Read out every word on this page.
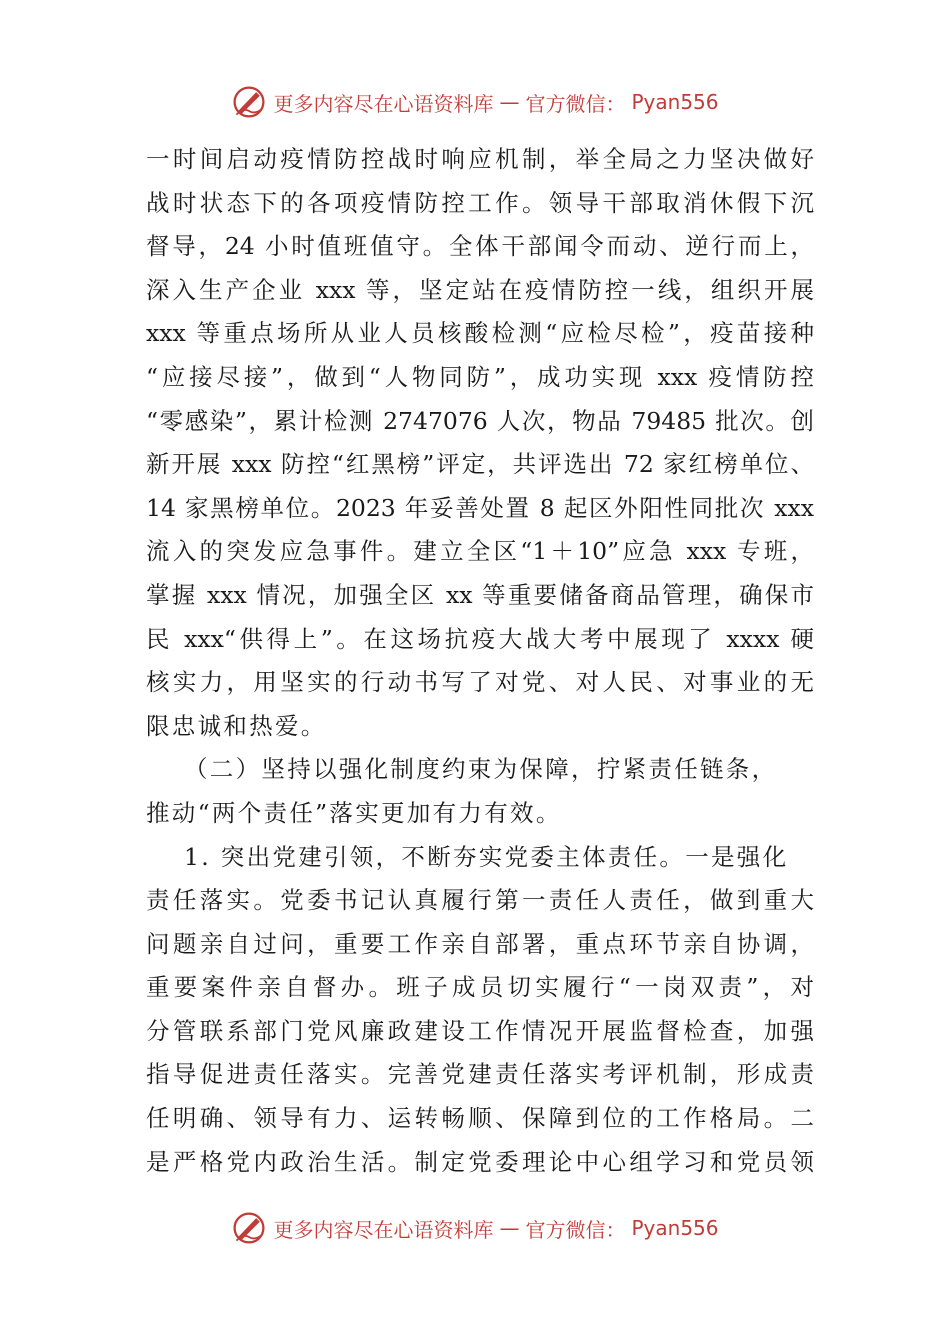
更多内容尽在心语资料库 — 官方微信： Pyan556
一时间启动疫情防控战时响应机制，举全局之力坚决做好
战时状态下的各项疫情防控工作。领导干部取消休假下沉
督导，24 小时值班值守。全体干部闻令而动、逆行而上，
深入生产企业 xxx 等，坚定站在疫情防控一线，组织开展
xxx 等重点场所从业人员核酸检测“应检尽检”，疫苗接种
“应接尽接”，做到“人物同防”，成功实现 xxx 疫情防控
“零感染”，累计检测 2747076 人次，物品 79485 批次。创
新开展 xxx 防控“红黑榜”评定，共评选出 72 家红榜单位、
14 家黑榜单位。2023 年妥善处置 8 起区外阳性同批次 xxx
流入的突发应急事件。建立全区“1＋10”应急 xxx 专班，
掌握 xxx 情况，加强全区 xx 等重要储备商品管理，确保市
民 xxx“供得上”。在这场抗疫大战大考中展现了 xxxx 硬
核实力，用坚实的行动书写了对党、对人民、对事业的无
限忠诚和热爱。
（二）坚持以强化制度约束为保障，拧紧责任链条，
推动“两个责任”落实更加有力有效。
1. 突出党建引领，不断夯实党委主体责任。一是强化
责任落实。党委书记认真履行第一责任人责任，做到重大
问题亲自过问，重要工作亲自部署，重点环节亲自协调，
重要案件亲自督办。班子成员切实履行“一岗双责”，对
分管联系部门党风廉政建设工作情况开展监督检查，加强
指导促进责任落实。完善党建责任落实考评机制，形成责
任明确、领导有力、运转畅顺、保障到位的工作格局。二
是严格党内政治生活。制定党委理论中心组学习和党员领
更多内容尽在心语资料库 — 官方微信： Pyan556
